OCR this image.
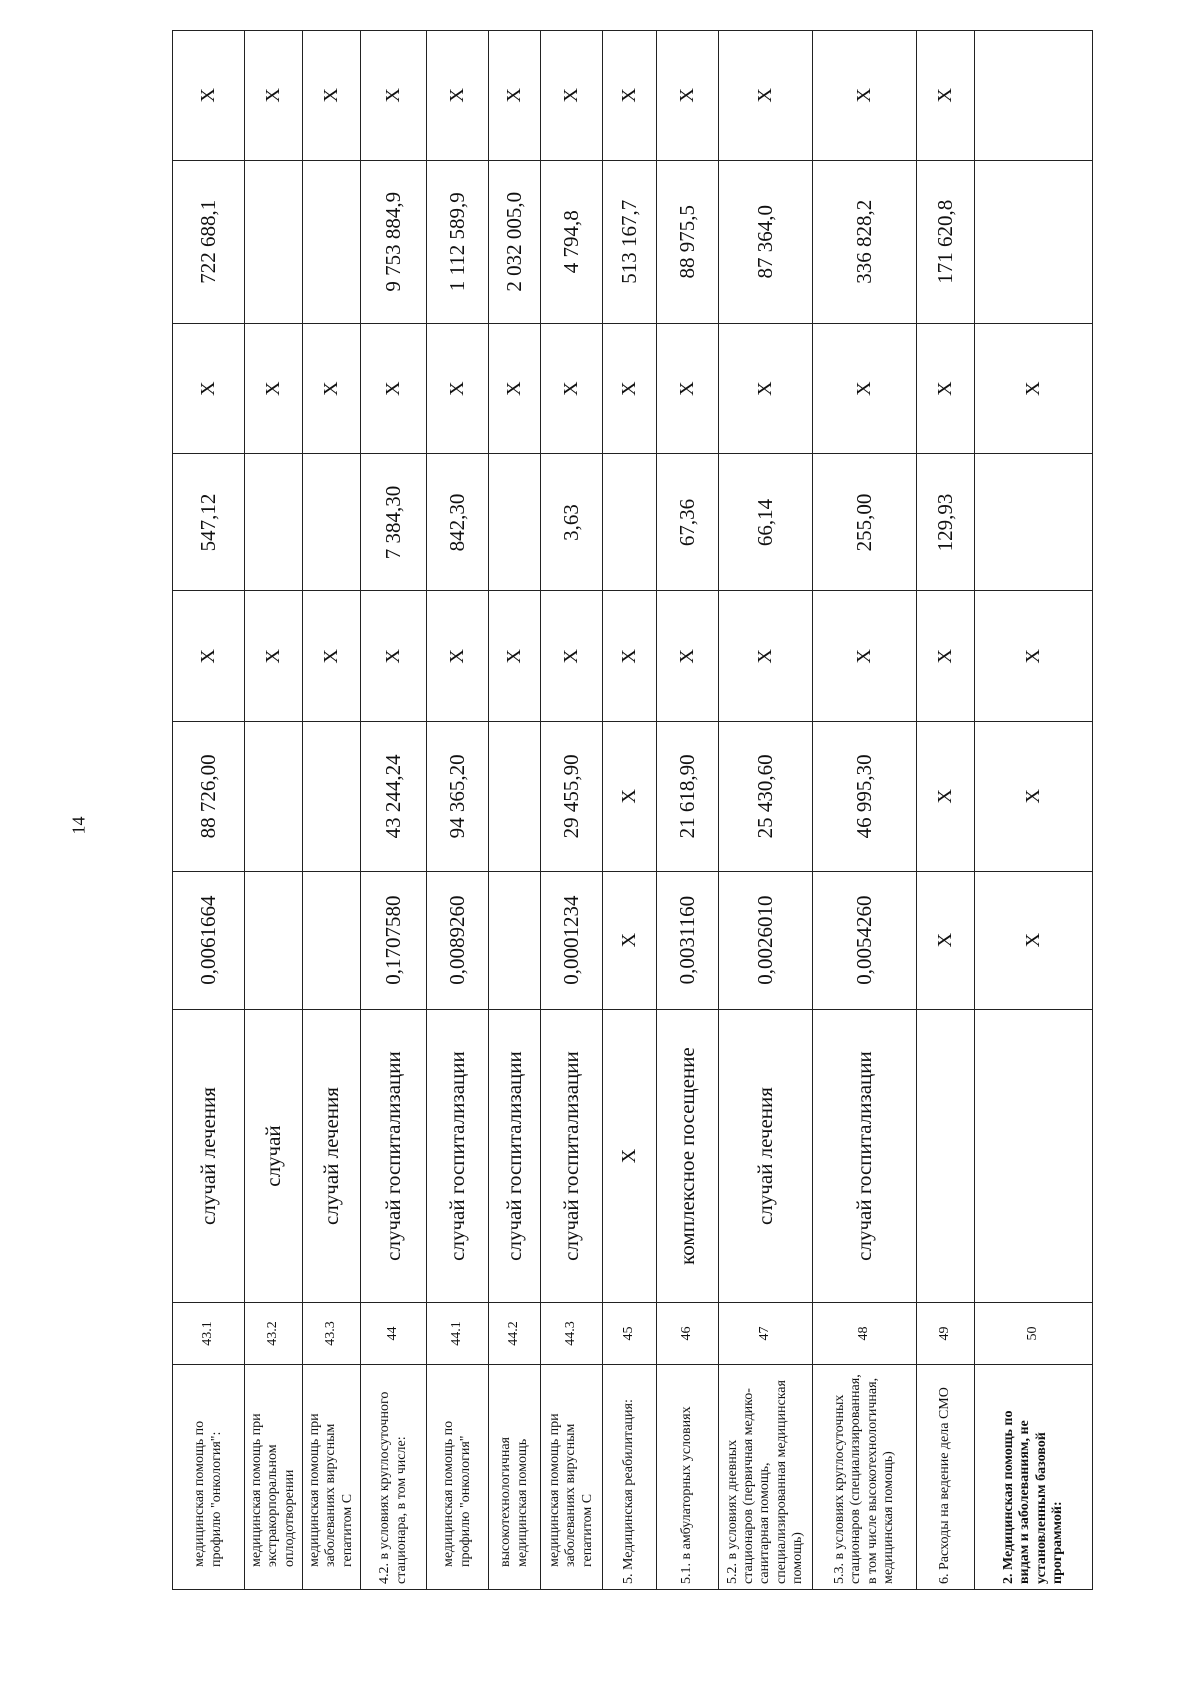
14
медицинская помощь по профилю "онкология":	43.1	случай лечения	0,0061664	88 726,00	Х	547,12	Х	722 688,1	Х
медицинская помощь при экстракорпоральном оплодотворении	43.2	случай			Х		Х		Х
медицинская помощь при заболеваниях вирусным гепатитом С	43.3	случай лечения			Х		Х		Х
4.2. в условиях круглосуточного стационара, в том числе:	44	случай госпитализации	0,1707580	43 244,24	Х	7 384,30	Х	9 753 884,9	Х
медицинская помощь по профилю "онкология"	44.1	случай госпитализации	0,0089260	94 365,20	Х	842,30	Х	1 112 589,9	Х
высокотехнологичная медицинская помощь	44.2	случай госпитализации			Х		Х	2 032 005,0	Х
медицинская помощь при заболеваниях вирусным гепатитом С	44.3	случай госпитализации	0,0001234	29 455,90	Х	3,63	Х	4 794,8	Х
5. Медицинская реабилитация:	45	Х	Х	Х	Х		Х	513 167,7	Х
5.1. в амбулаторных условиях	46	комплексное посещение	0,0031160	21 618,90	Х	67,36	Х	88 975,5	Х
5.2. в условиях дневных стационаров (первичная медико-санитарная помощь, специализированная медицинская помощь)	47	случай лечения	0,0026010	25 430,60	Х	66,14	Х	87 364,0	Х
5.3. в условиях круглосуточных стационаров (специализированная, в том числе высокотехнологичная, медицинская помощь)	48	случай госпитализации	0,0054260	46 995,30	Х	255,00	Х	336 828,2	Х
6. Расходы на ведение дела СМО	49		Х	Х	Х	129,93	Х	171 620,8	Х
2. Медицинская помощь по видам и заболеваниям, не установленным базовой программой:	50		Х	Х	Х		Х		
